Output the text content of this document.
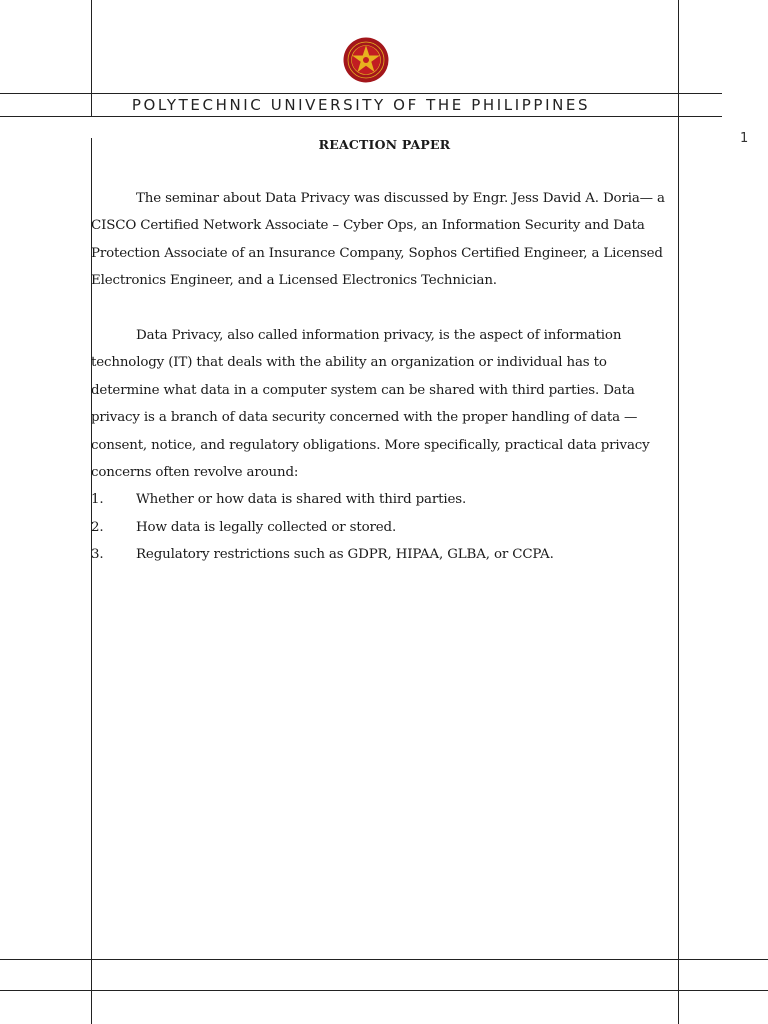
POLYTECHNIC UNIVERSITY OF THE PHILIPPINES
1
REACTION PAPER

The seminar about Data Privacy was discussed by Engr. Jess David A. Doria— a CISCO Certified Network Associate – Cyber Ops, an Information Security and Data Protection Associate of an Insurance Company, Sophos Certified Engineer, a Licensed Electronics Engineer, and a Licensed Electronics Technician.

Data Privacy, also called information privacy, is the aspect of information technology (IT) that deals with the ability an organization or individual has to determine what data in a computer system can be shared with third parties. Data privacy is a branch of data security concerned with the proper handling of data — consent, notice, and regulatory obligations. More specifically, practical data privacy concerns often revolve around:

1. Whether or how data is shared with third parties.
2. How data is legally collected or stored.
3. Regulatory restrictions such as GDPR, HIPAA, GLBA, or CCPA.
